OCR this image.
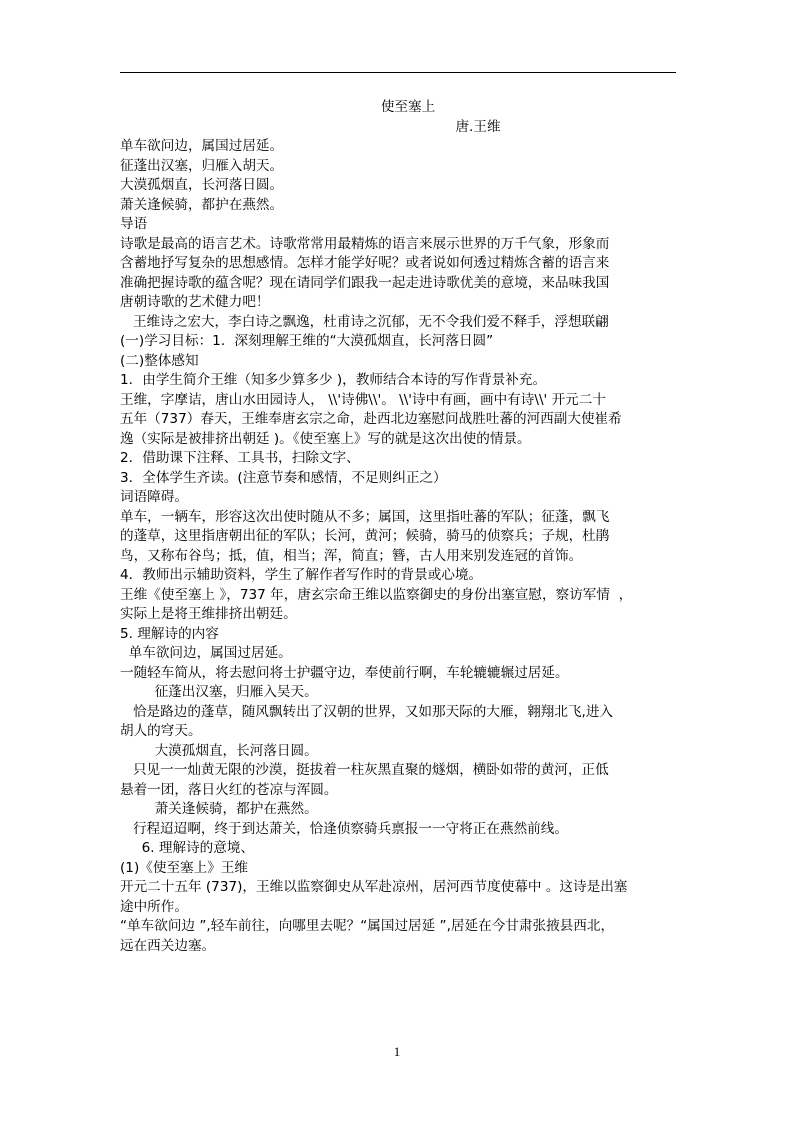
使至塞上
唐.王维
单车欲问边，属国过居延。
征蓬出汉塞，归雁入胡天。
大漠孤烟直，长河落日圆。
萧关逢候骑，都护在燕然。
导语
诗歌是最高的语言艺术。诗歌常常用最精炼的语言来展示世界的万千气象，形象而
含蓄地抒写复杂的思想感情。怎样才能学好呢？或者说如何透过精炼含蓄的语言来
准确把握诗歌的蕴含呢？现在请同学们跟我一起走进诗歌优美的意境，来品味我国
唐朝诗歌的艺术健力吧！
王维诗之宏大，李白诗之飘逸，杜甫诗之沉郁，无不令我们爱不释手，浮想联翩
(一)学习目标：1．深刻理解王维的“大漠孤烟直，长河落日圆”
(二)整体感知
1．由学生简介王维（知多少算多少 )，教师结合本诗的写作背景补充。
王维，字摩诘，唐山水田园诗人， \\'诗佛\\'。 \\'诗中有画，画中有诗\\' 开元二十
五年（737）春天，王维奉唐玄宗之命，赴西北边塞慰问战胜吐蕃的河西副大使崔希
逸（实际是被排挤出朝廷 )。《使至塞上》写的就是这次出使的情景。
2．借助课下注释、工具书，扫除文字、
3．全体学生齐读。(注意节奏和感情，不足则纠正之）
词语障碍。
单车，一辆车，形容这次出使时随从不多；属国，这里指吐蕃的军队；征蓬，飘飞
的蓬草，这里指唐朝出征的军队；长河，黄河；候骑，骑马的侦察兵；子规，杜鹃
鸟，又称布谷鸟；抵，值，相当；浑，简直；簪，古人用来别发连冠的首饰。
4．教师出示辅助资料，学生了解作者写作时的背景或心境。
王维《使至塞上 》，737 年，唐玄宗命王维以监察御史的身份出塞宣慰，察访军情  ，
实际上是将王维排挤出朝廷。
5. 理解诗的内容
单车欲问边，属国过居延。
一随轻车简从，将去慰问将士护疆守边，奉使前行啊，车轮辘辘辗过居延。
征蓬出汉塞，归雁入吴天。
恰是路边的蓬草，随风飘转出了汉朝的世界，又如那天际的大雁，翱翔北飞,进入
胡人的穹天。
大漠孤烟直，长河落日圆。
只见一一灿黄无限的沙漠，挺拔着一柱灰黑直聚的燧烟，横卧如带的黄河，正低
悬着一团，落日火红的苍凉与浑圆。
萧关逢候骑，都护在燕然。
行程迢迢啊，终于到达萧关，恰逢侦察骑兵禀报一一守将正在燕然前线。
6. 理解诗的意境、
(1)《使至塞上》王维
开元二十五年 (737)，王维以监察御史从军赴凉州，居河西节度使幕中 。这诗是出塞
途中所作。
“单车欲问边 ”,轻车前往，向哪里去呢？“属国过居延 ”,居延在今甘肃张掖县西北，
远在西关边塞。
1
